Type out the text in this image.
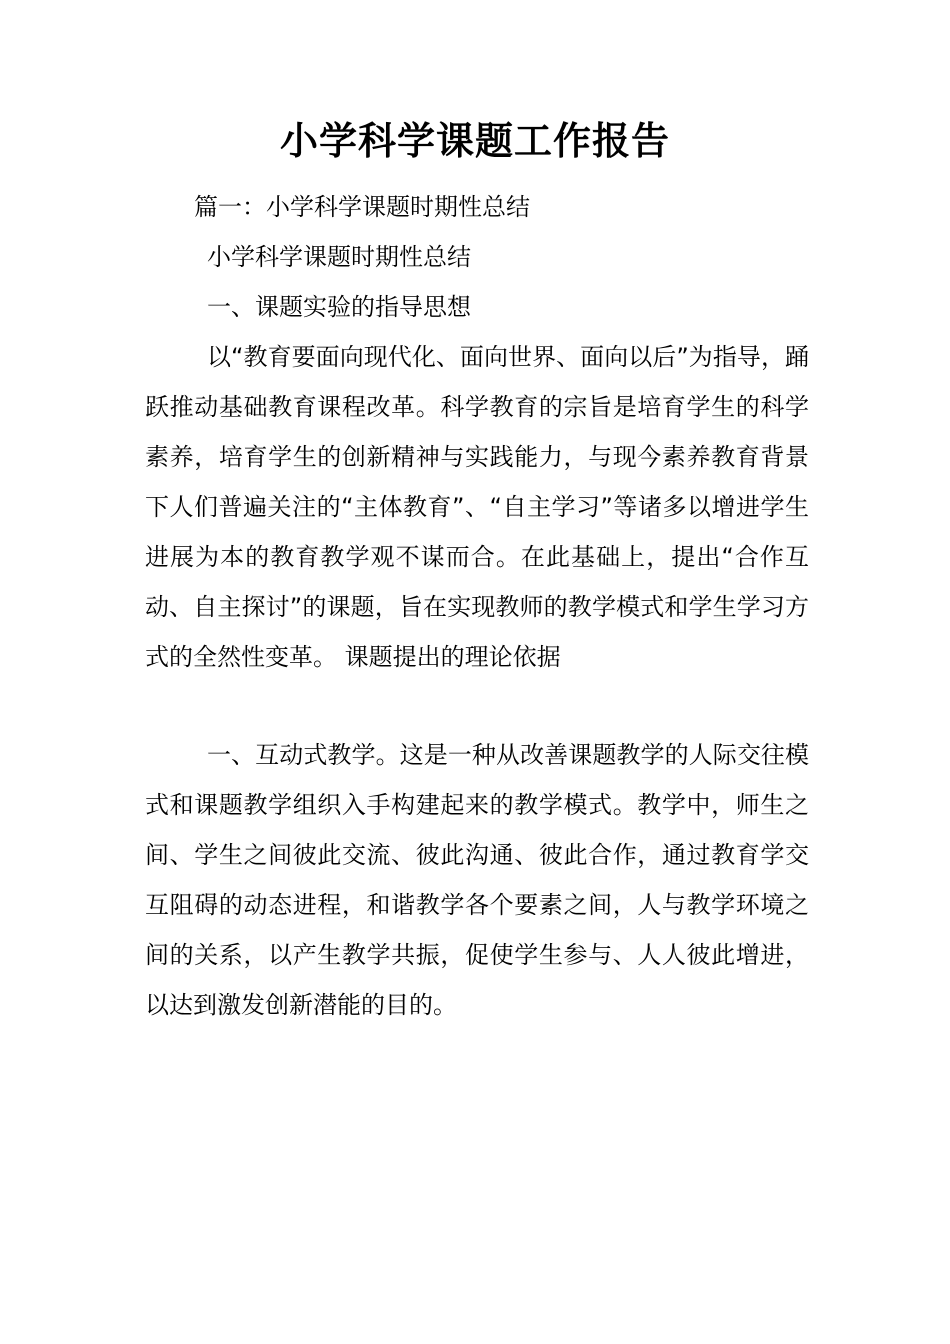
小学科学课题工作报告

篇一：小学科学课题时期性总结

小学科学课题时期性总结

一、课题实验的指导思想

以“教育要面向现代化、面向世界、面向以后”为指导，踊跃推动基础教育课程改革。科学教育的宗旨是培育学生的科学素养，培育学生的创新精神与实践能力，与现今素养教育背景下人们普遍关注的“主体教育”、“自主学习”等诸多以增进学生进展为本的教育教学观不谋而合。在此基础上，提出“合作互动、自主探讨”的课题，旨在实现教师的教学模式和学生学习方式的全然性变革。 课题提出的理论依据

一、互动式教学。这是一种从改善课题教学的人际交往模式和课题教学组织入手构建起来的教学模式。教学中，师生之间、学生之间彼此交流、彼此沟通、彼此合作，通过教育学交互阻碍的动态进程，和谐教学各个要素之间，人与教学环境之间的关系，以产生教学共振，促使学生参与、人人彼此增进，以达到激发创新潜能的目的。
